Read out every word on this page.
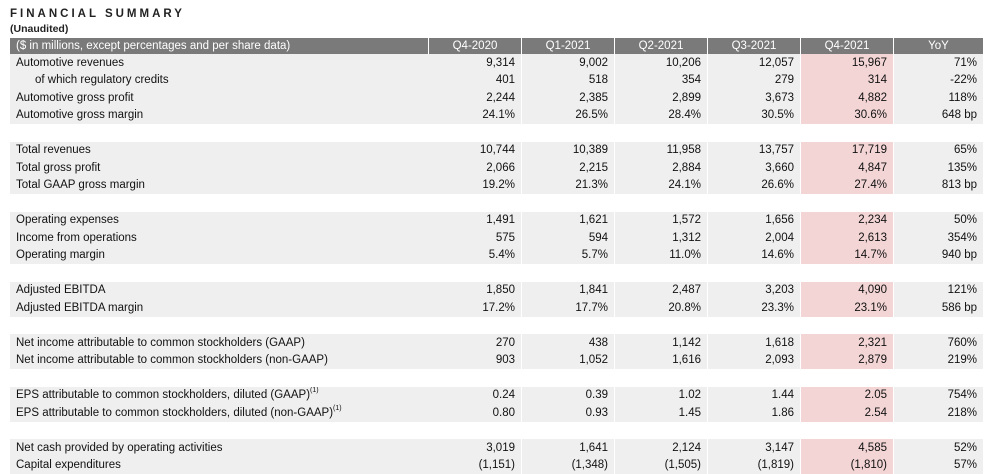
FINANCIAL SUMMARY
(Unaudited)
($ in millions, except percentages and per share data)	Q4-2020	Q1-2021	Q2-2021	Q3-2021	Q4-2021	YoY
Automotive revenues	9,314	9,002	10,206	12,057	15,967	71%
of which regulatory credits	401	518	354	279	314	-22%
Automotive gross profit	2,244	2,385	2,899	3,673	4,882	118%
Automotive gross margin	24.1%	26.5%	28.4%	30.5%	30.6%	648 bp

Total revenues	10,744	10,389	11,958	13,757	17,719	65%
Total gross profit	2,066	2,215	2,884	3,660	4,847	135%
Total GAAP gross margin	19.2%	21.3%	24.1%	26.6%	27.4%	813 bp

Operating expenses	1,491	1,621	1,572	1,656	2,234	50%
Income from operations	575	594	1,312	2,004	2,613	354%
Operating margin	5.4%	5.7%	11.0%	14.6%	14.7%	940 bp

Adjusted EBITDA	1,850	1,841	2,487	3,203	4,090	121%
Adjusted EBITDA margin	17.2%	17.7%	20.8%	23.3%	23.1%	586 bp

Net income attributable to common stockholders (GAAP)	270	438	1,142	1,618	2,321	760%
Net income attributable to common stockholders (non-GAAP)	903	1,052	1,616	2,093	2,879	219%

EPS attributable to common stockholders, diluted (GAAP)$^{(1)}$	0.24	0.39	1.02	1.44	2.05	754%
EPS attributable to common stockholders, diluted (non-GAAP)$^{(1)}$	0.80	0.93	1.45	1.86	2.54	218%

Net cash provided by operating activities	3,019	1,641	2,124	3,147	4,585	52%
Capital expenditures	(1,151)	(1,348)	(1,505)	(1,819)	(1,810)	57%
